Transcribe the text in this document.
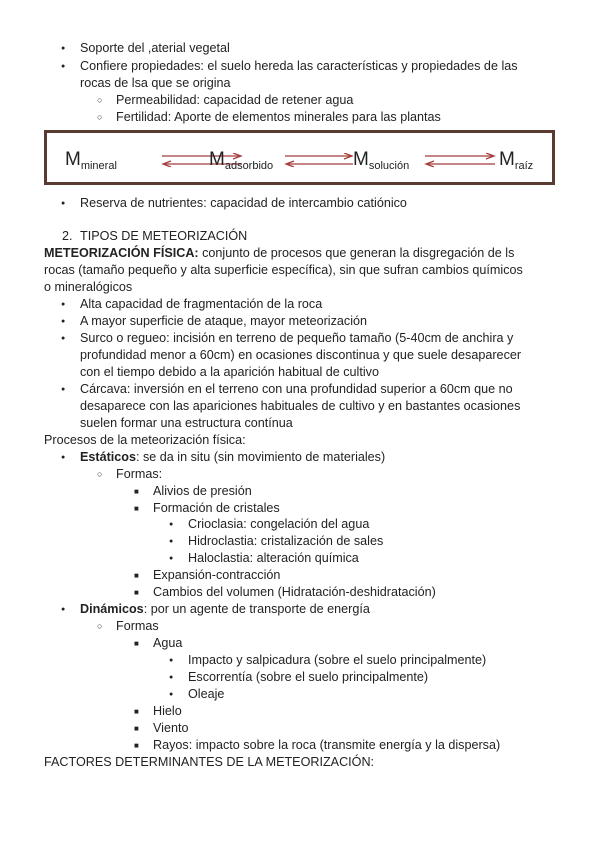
● Soporte del ,aterial vegetal
● Confiere propiedades: el suelo hereda las características y propiedades de las
rocas de lsa que se origina
○ Permeabilidad: capacidad de retener agua
○ Fertilidad: Aporte de elementos minerales para las plantas
$M_{mineral}$	$M_{adsorbido}$	$M_{solución}$	$M_{raíz}$
● Reserva de nutrientes: capacidad de intercambio catiónico
2. TIPOS DE METEORIZACIÓN
METEORIZACIÓN FÍSICA: conjunto de procesos que generan la disgregación de ls
rocas (tamaño pequeño y alta superficie específica), sin que sufran cambios químicos
o mineralógicos
● Alta capacidad de fragmentación de la roca
● A mayor superficie de ataque, mayor meteorización
● Surco o regueo: incisión en terreno de pequeño tamaño (5-40cm de anchira y
profundidad menor a 60cm) en ocasiones discontinua y que suele desaparecer
con el tiempo debido a la aparición habitual de cultivo
● Cárcava: inversión en el terreno con una profundidad superior a 60cm que no
desaparece con las apariciones habituales de cultivo y en bastantes ocasiones
suelen formar una estructura contínua
Procesos de la meteorización física:
● Estáticos: se da in situ (sin movimiento de materiales)
○ Formas:
■ Alivios de presión
■ Formación de cristales
● Crioclasia: congelación del agua
● Hidroclastia: cristalización de sales
● Haloclastia: alteración química
■ Expansión-contracción
■ Cambios del volumen (Hidratación-deshidratación)
● Dinámicos: por un agente de transporte de energía
○ Formas
■ Agua
● Impacto y salpicadura (sobre el suelo principalmente)
● Escorrentía (sobre el suelo principalmente)
● Oleaje
■ Hielo
■ Viento
■ Rayos: impacto sobre la roca (transmite energía y la dispersa)
FACTORES DETERMINANTES DE LA METEORIZACIÓN:
